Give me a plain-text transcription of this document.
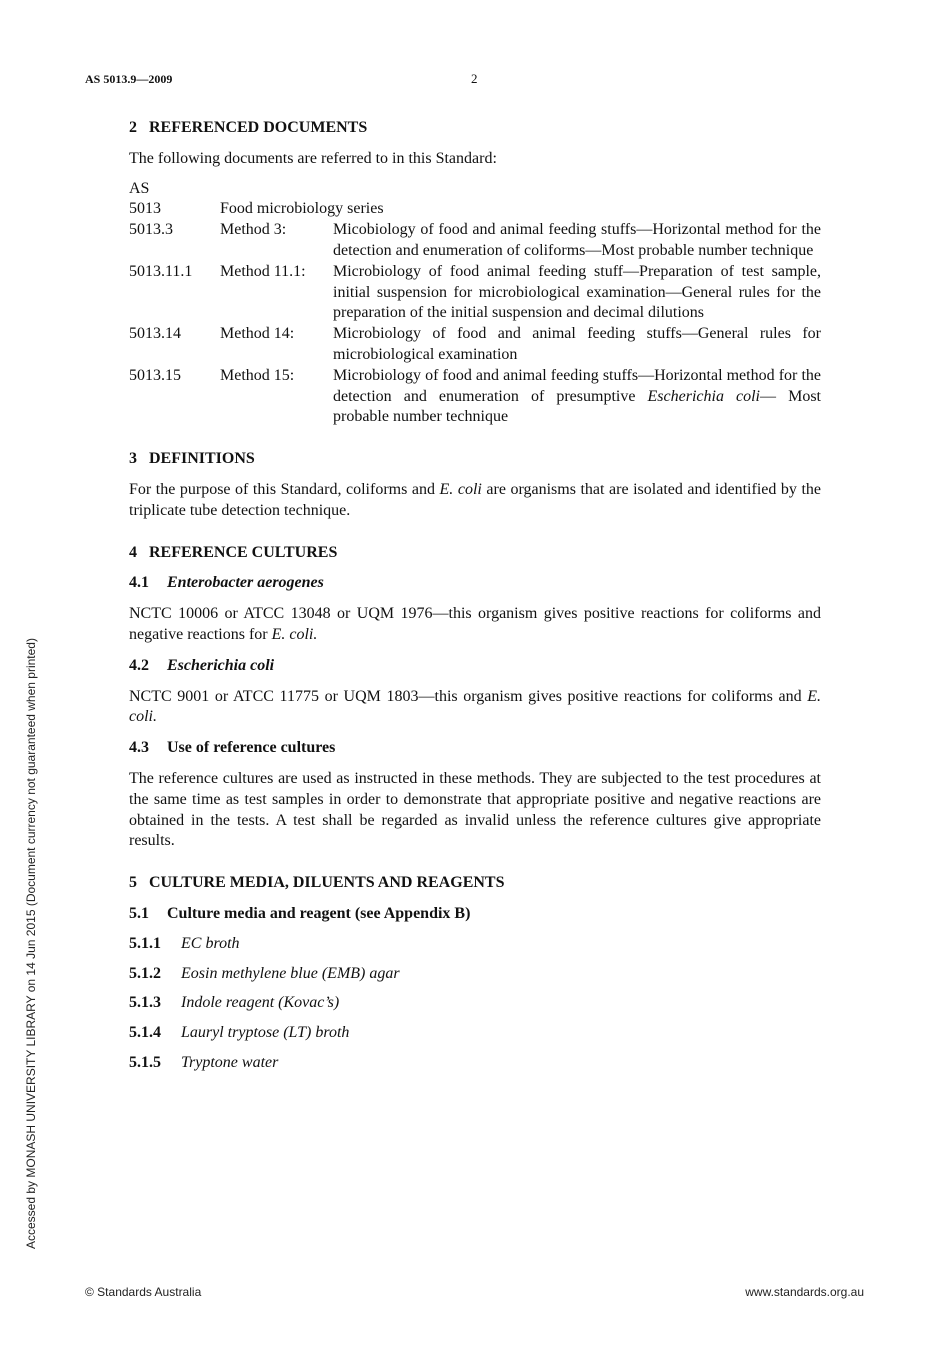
AS 5013.9—2009	2

2   REFERENCED DOCUMENTS

The following documents are referred to in this Standard:

AS		
5013	Food microbiology series	
5013.3	Method 3:	Micobiology of food and animal feeding stuffs—Horizontal method for the detection and enumeration of coliforms—Most probable number technique
5013.11.1	Method 11.1:	Microbiology of food animal feeding stuff—Preparation of test sample, initial suspension for microbiological examination—General rules for the preparation of the initial suspension and decimal dilutions
5013.14	Method 14:	Microbiology of food and animal feeding stuffs—General rules for microbiological examination
5013.15	Method 15:	Microbiology of food and animal feeding stuffs—Horizontal method for the detection and enumeration of presumptive Escherichia coli— Most probable number technique

3   DEFINITIONS

For the purpose of this Standard, coliforms and E. coli are organisms that are isolated and identified by the triplicate tube detection technique.

4   REFERENCE CULTURES

4.1 Enterobacter aerogenes

NCTC 10006 or ATCC 13048 or UQM 1976—this organism gives positive reactions for coliforms and negative reactions for E. coli.

4.2 Escherichia coli

NCTC 9001 or ATCC 11775 or UQM 1803—this organism gives positive reactions for coliforms and E. coli.

4.3 Use of reference cultures

The reference cultures are used as instructed in these methods. They are subjected to the test procedures at the same time as test samples in order to demonstrate that appropriate positive and negative reactions are obtained in the tests. A test shall be regarded as invalid unless the reference cultures give appropriate results.

5   CULTURE MEDIA, DILUENTS AND REAGENTS

5.1 Culture media and reagent (see Appendix B)

5.1.1 EC broth

5.1.2 Eosin methylene blue (EMB) agar

5.1.3 Indole reagent (Kovac’s)

5.1.4 Lauryl tryptose (LT) broth

5.1.5 Tryptone water

Accessed by MONASH UNIVERSITY LIBRARY on 14 Jun 2015 (Document currency not guaranteed when printed)
© Standards Australia	www.standards.org.au
